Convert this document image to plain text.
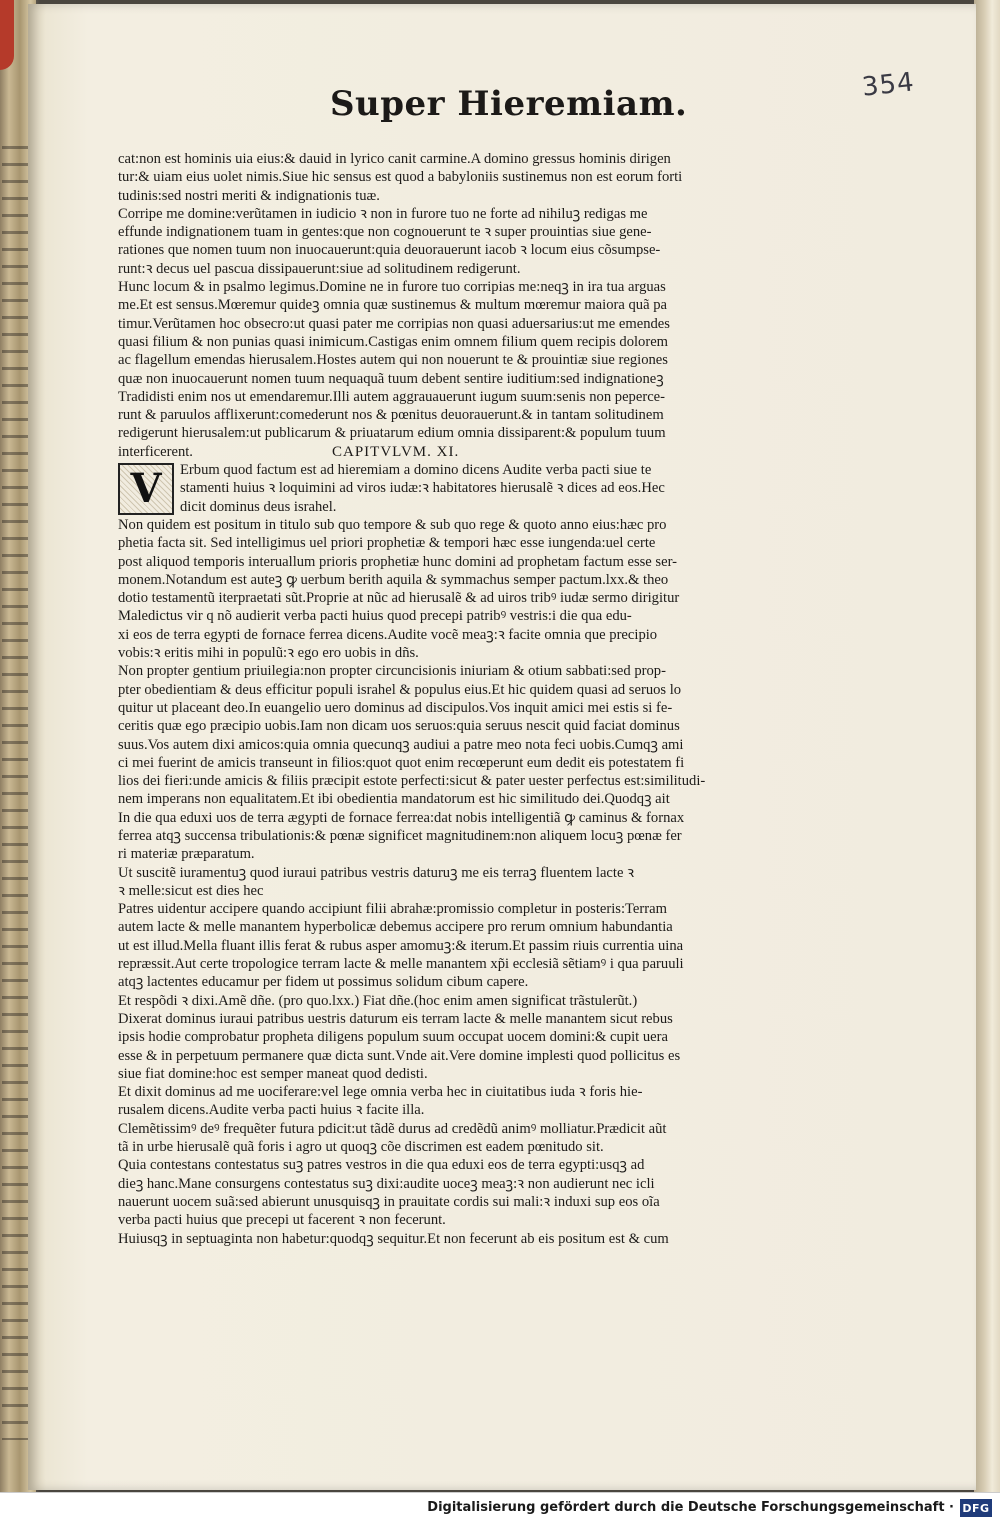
354
Super Hieremiam.
cat:non est hominis uia eius:& dauid in lyrico canit carmine.A domino gressus hominis dirigen
tur:& uiam eius uolet nimis.Siue hic sensus est quod a babyloniis sustinemus non est eorum forti
tudinis:sed nostri meriti & indignationis tuæ.
Corripe me domine:verũtamen in iudicio ꝛ non in furore tuo ne forte ad nihiluꝫ redigas me
effunde indignationem tuam in gentes:que non cognouerunt te ꝛ super prouintias siue gene-
rationes que nomen tuum non inuocauerunt:quia deuorauerunt iacob ꝛ locum eius cõsumpse-
runt:ꝛ decus uel pascua dissipauerunt:siue ad solitudinem redigerunt.
Hunc locum & in psalmo legimus.Domine ne in furore tuo corripias me:neqꝫ in ira tua arguas
me.Et est sensus.Mœremur quideꝫ omnia quæ sustinemus & multum mœremur maiora quã pa
timur.Verũtamen hoc obsecro:ut quasi pater me corripias non quasi aduersarius:ut me emendes
quasi filium & non punias quasi inimicum.Castigas enim omnem filium quem recipis dolorem
ac flagellum emendas hierusalem.Hostes autem qui non nouerunt te & prouintiæ siue regiones
quæ non inuocauerunt nomen tuum nequaquã tuum debent sentire iuditium:sed indignationeꝫ
Tradidisti enim nos ut emendaremur.Illi autem aggrauauerunt iugum suum:senis non peperce-
runt & paruulos afflixerunt:comederunt nos & pœnitus deuorauerunt.& in tantam solitudinem
redigerunt hierusalem:ut publicarum & priuatarum edium omnia dissiparent:& populum tuum
interficerent.	CAPITVLVM. XI.
V	Erbum quod factum est ad hieremiam a domino dicens Audite verba pacti siue te
stamenti huius ꝛ loquimini ad viros iudæ:ꝛ habitatores hierusalẽ ꝛ dices ad eos.Hec
dicit dominus deus israhel.
Non quidem est positum in titulo sub quo tempore & sub quo rege & quoto anno eius:hæc pro
phetia facta sit. Sed intelligimus uel priori prophetiæ & tempori hæc esse iungenda:uel certe
post aliquod temporis interuallum prioris prophetiæ hunc domini ad prophetam factum esse ser-
monem.Notandum est auteꝫ ꝙ uerbum berith aquila & symmachus semper pactum.lxx.& theo
dotio testamentũ iterpraetati sũt.Proprie at nũc ad hierusalẽ & ad uiros tribꝰ iudæ sermo dirigitur
Maledictus vir q nõ audierit verba pacti huius quod precepi patribꝰ vestris:i die qua edu-
xi eos de terra egypti de fornace ferrea dicens.Audite vocẽ meaꝫ:ꝛ facite omnia que precipio
vobis:ꝛ eritis mihi in populũ:ꝛ ego ero uobis in dñs.
Non propter gentium priuilegia:non propter circuncisionis iniuriam & otium sabbati:sed prop-
pter obedientiam & deus efficitur populi israhel & populus eius.Et hic quidem quasi ad seruos lo
quitur ut placeant deo.In euangelio uero dominus ad discipulos.Vos inquit amici mei estis si fe-
ceritis quæ ego præcipio uobis.Iam non dicam uos seruos:quia seruus nescit quid faciat dominus
suus.Vos autem dixi amicos:quia omnia quecunqꝫ audiui a patre meo nota feci uobis.Cumqꝫ ami
ci mei fuerint de amicis transeunt in filios:quot quot enim recœperunt eum dedit eis potestatem fi
lios dei fieri:unde amicis & filiis præcipit estote perfecti:sicut & pater uester perfectus est:similitudi-
nem imperans non equalitatem.Et ibi obedientia mandatorum est hic similitudo dei.Quodqꝫ ait
In die qua eduxi uos de terra ægypti de fornace ferrea:dat nobis intelligentiã ꝙ caminus & fornax
ferrea atqꝫ succensa tribulationis:& pœnæ significet magnitudinem:non aliquem locuꝫ pœnæ fer
ri materiæ præparatum.
Ut suscitẽ iuramentuꝫ quod iuraui patribus vestris daturuꝫ me eis terraꝫ fluentem lacte ꝛ
ꝛ melle:sicut est dies hec
Patres uidentur accipere quando accipiunt filii abrahæ:promissio completur in posteris:Terram
autem lacte & melle manantem hyperbolicæ debemus accipere pro rerum omnium habundantia
ut est illud.Mella fluant illis ferat & rubus asper amomuꝫ:& iterum.Et passim riuis currentia uina
repræssit.Aut certe tropologice terram lacte & melle manantem xp̃i ecclesiã sẽtiamꝰ i qua paruuli
atqꝫ lactentes educamur per fidem ut possimus solidum cibum capere.
Et respõdi ꝛ dixi.Amẽ dñe. (pro quo.lxx.) Fiat dñe.(hoc enim amen significat trãstulerũt.)
Dixerat dominus iuraui patribus uestris daturum eis terram lacte & melle manantem sicut rebus
ipsis hodie comprobatur propheta diligens populum suum occupat uocem domini:& cupit uera
esse & in perpetuum permanere quæ dicta sunt.Vnde ait.Vere domine implesti quod pollicitus es
siue fiat domine:hoc est semper maneat quod dedisti.
Et dixit dominus ad me uociferare:vel lege omnia verba hec in ciuitatibus iuda ꝛ foris hie-
rusalem dicens.Audite verba pacti huius ꝛ facite illa.
Clemẽtissimꝰ deꝰ frequẽter futura pdicit:ut tãdẽ durus ad credẽdũ animꝰ molliatur.Prædicit aũt
tã in urbe hierusalẽ quã foris i agro ut quoqꝫ cõe discrimen est eadem pœnitudo sit.
Quia contestans contestatus suꝫ patres vestros in die qua eduxi eos de terra egypti:usqꝫ ad
dieꝫ hanc.Mane consurgens contestatus suꝫ dixi:audite uoceꝫ meaꝫ:ꝛ non audierunt nec icli
nauerunt uocem suã:sed abierunt unusquisqꝫ in prauitate cordis sui mali:ꝛ induxi sup eos oĩa
verba pacti huius que precepi ut facerent ꝛ non fecerunt.
Huiusqꝫ in septuaginta non habetur:quodqꝫ sequitur.Et non fecerunt ab eis positum est & cum
Digitalisierung gefördert durch die Deutsche Forschungsgemeinschaft · DFG
